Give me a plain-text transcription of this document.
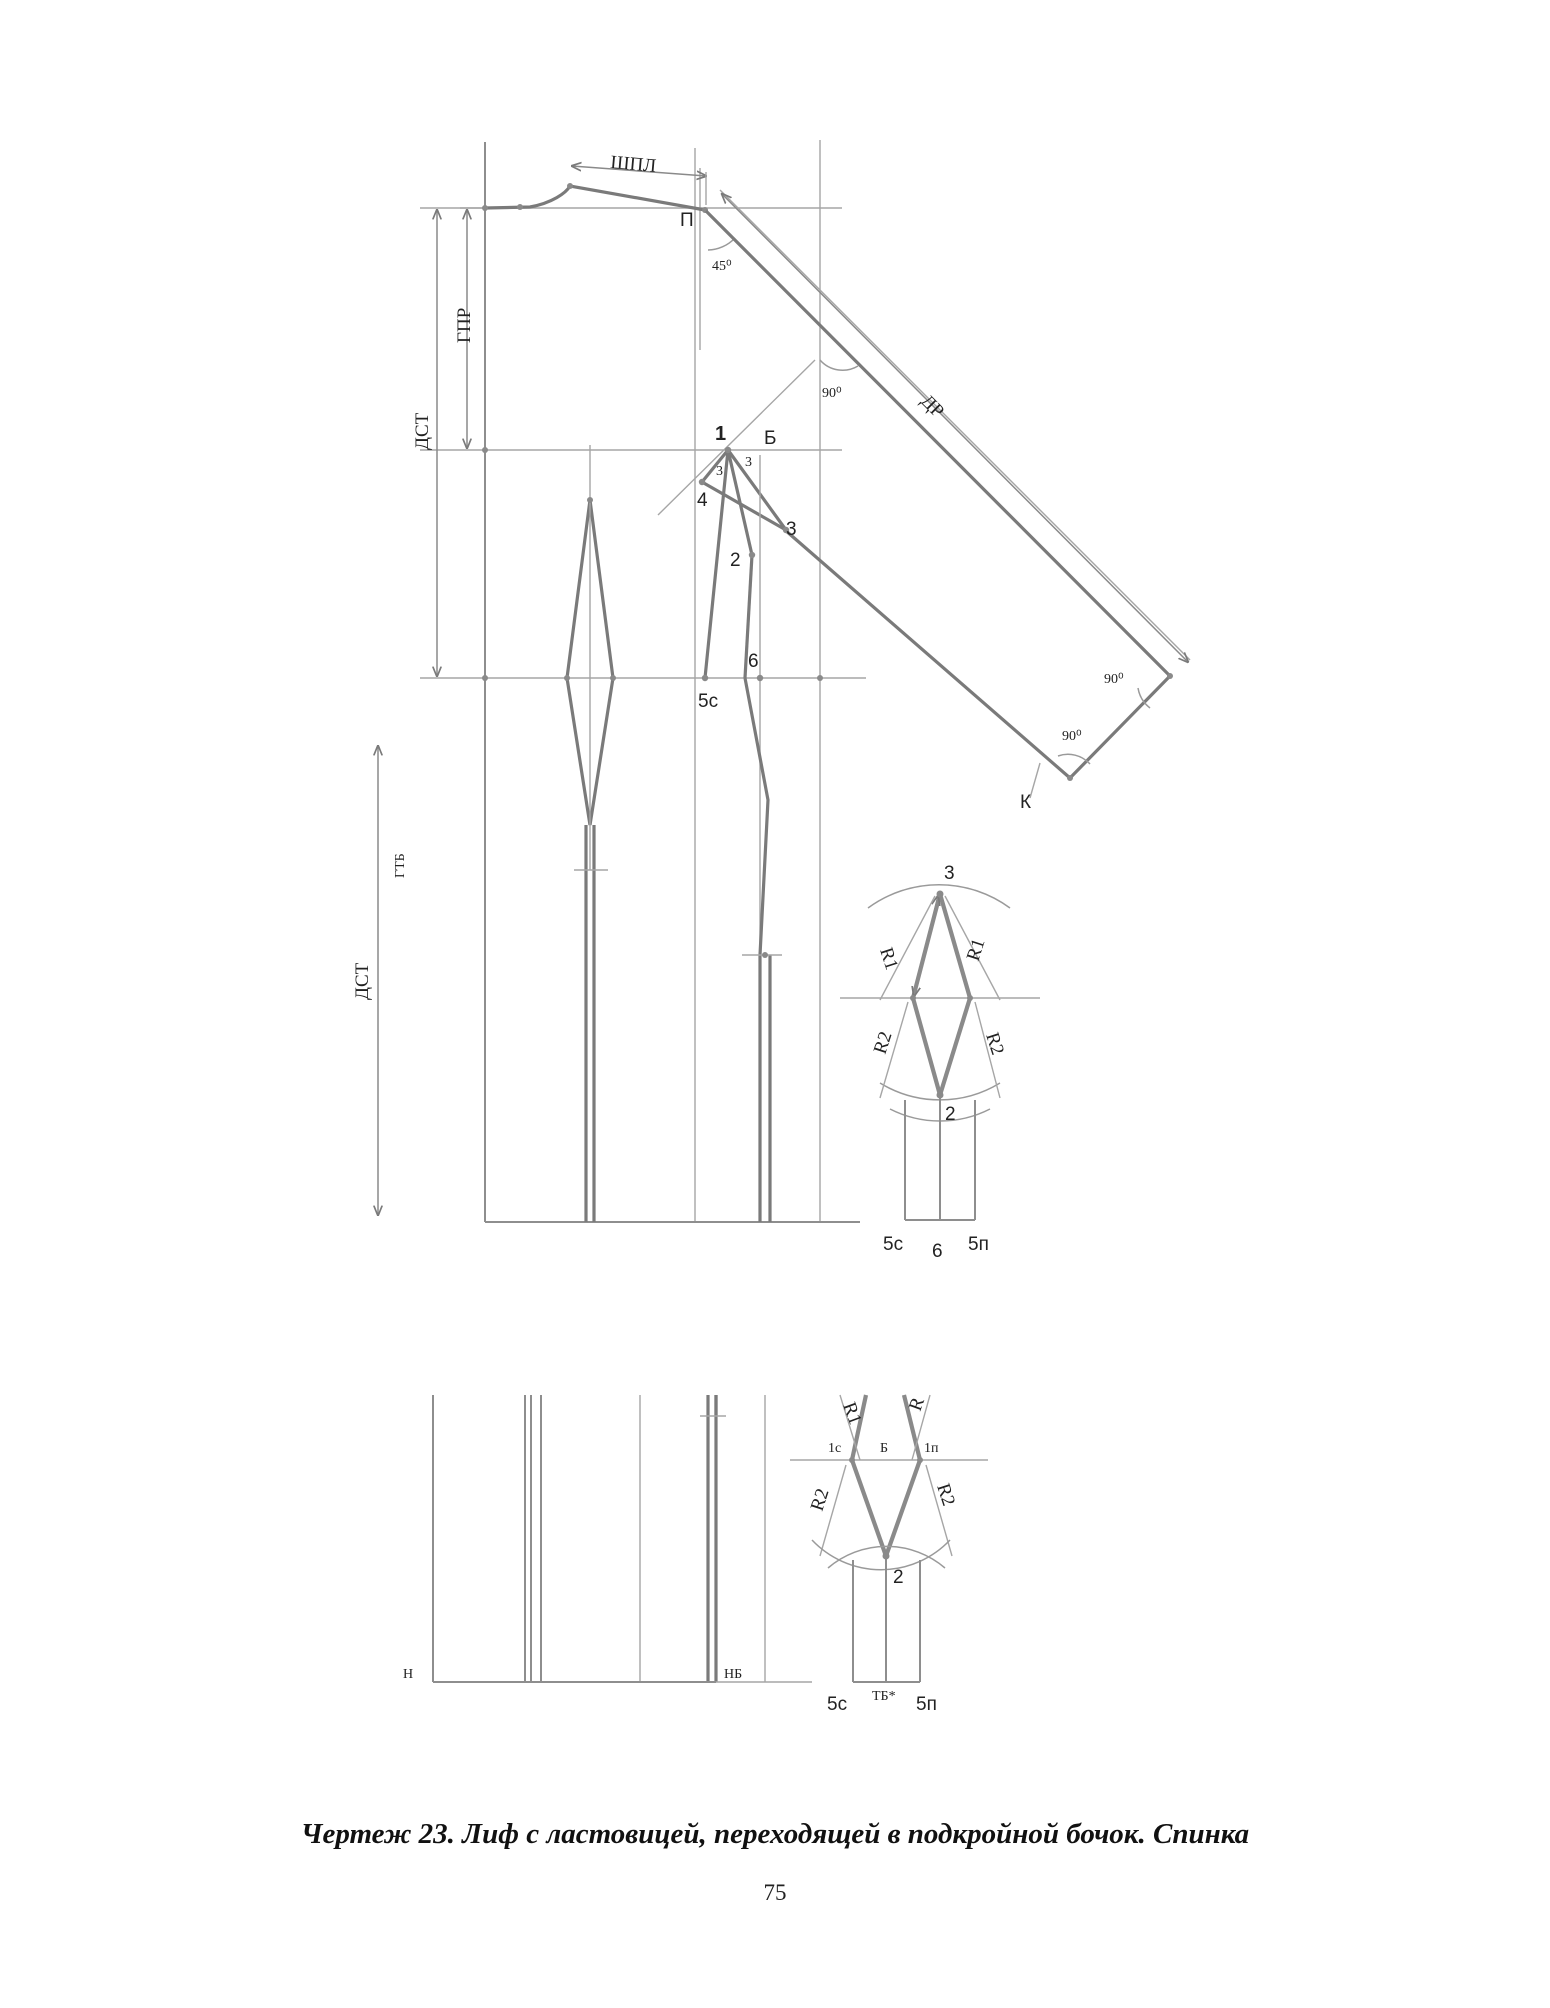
ШПЛ
П
45⁰
ДР
90⁰
90⁰
90⁰
К
ГПР
ДСТ	1 Б
3
3
4
3
2
5с
6
ДСТ
ГТБ	3
R1	R1
R2	R2
2
5с 6 5п
Н	НБ
R1 R
1с	Б	1п
R2	R2
2
5с ТБ* 5п
Чертеж 23. Лиф с ластовицей, переходящей в подкройной бочок. Спинка
75
